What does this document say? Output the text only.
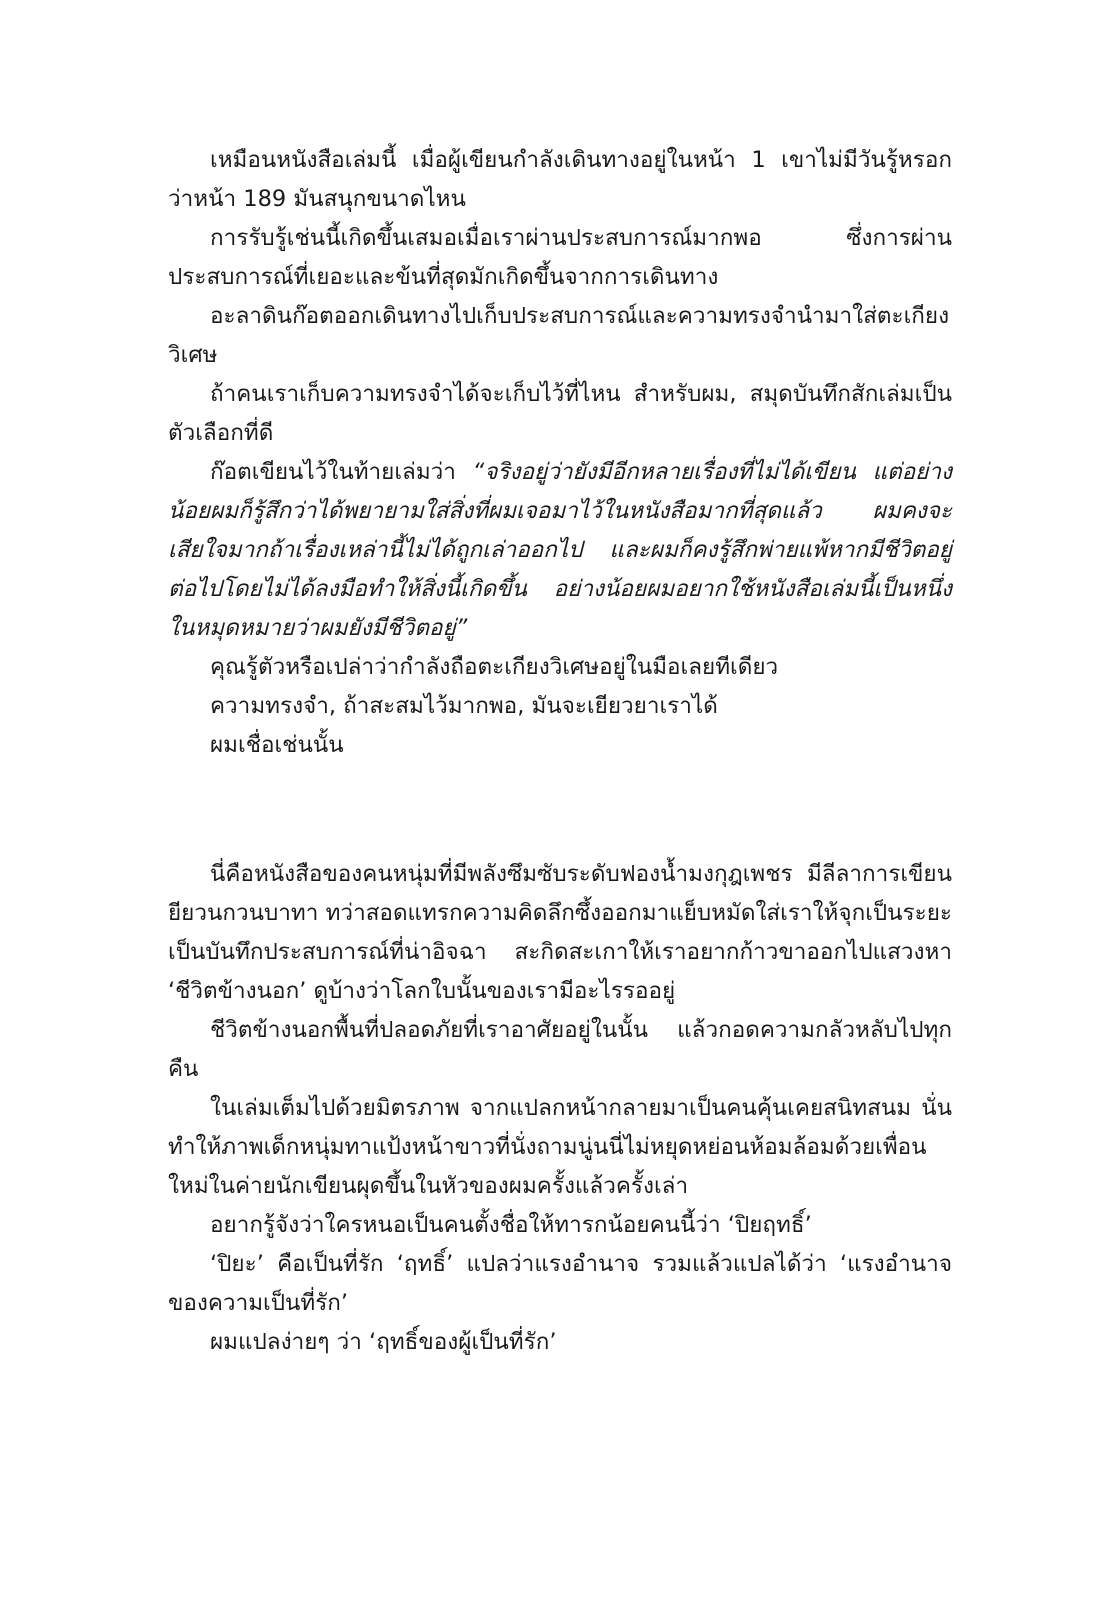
เหมือนหนังสือเล่มนี้ เมื่อผู้เขียนกำลังเดินทางอยู่ในหน้า 1 เขาไม่มีวันรู้หรอกว่าหน้า 189 มันสนุกขนาดไหน

การรับรู้เช่นนี้เกิดขึ้นเสมอเมื่อเราผ่านประสบการณ์มากพอ ซึ่งการผ่านประสบการณ์ที่เยอะและข้นที่สุดมักเกิดขึ้นจากการเดินทาง

อะลาดินก๊อตออกเดินทางไปเก็บประสบการณ์และความทรงจำนำมาใส่ตะเกียงวิเศษ

ถ้าคนเราเก็บความทรงจำได้จะเก็บไว้ที่ไหน สำหรับผม, สมุดบันทึกสักเล่มเป็นตัวเลือกที่ดี

ก๊อตเขียนไว้ในท้ายเล่มว่า “จริงอยู่ว่ายังมีอีกหลายเรื่องที่ไม่ได้เขียน แต่อย่างน้อยผมก็รู้สึกว่าได้พยายามใส่สิ่งที่ผมเจอมาไว้ในหนังสือมากที่สุดแล้ว ผมคงจะเสียใจมากถ้าเรื่องเหล่านี้ไม่ได้ถูกเล่าออกไป และผมก็คงรู้สึกพ่ายแพ้หากมีชีวิตอยู่ต่อไปโดยไม่ได้ลงมือทำให้สิ่งนี้เกิดขึ้น อย่างน้อยผมอยากใช้หนังสือเล่มนี้เป็นหนึ่งในหมุดหมายว่าผมยังมีชีวิตอยู่”

คุณรู้ตัวหรือเปล่าว่ากำลังถือตะเกียงวิเศษอยู่ในมือเลยทีเดียว

ความทรงจำ, ถ้าสะสมไว้มากพอ, มันจะเยียวยาเราได้

ผมเชื่อเช่นนั้น

นี่คือหนังสือของคนหนุ่มที่มีพลังซึมซับระดับฟองน้ำมงกุฎเพชร มีลีลาการเขียนยียวนกวนบาทา ทว่าสอดแทรกความคิดลึกซึ้งออกมาแย็บหมัดใส่เราให้จุกเป็นระยะ เป็นบันทึกประสบการณ์ที่น่าอิจฉา สะกิดสะเกาให้เราอยากก้าวขาออกไปแสวงหา ‘ชีวิตข้างนอก’ ดูบ้างว่าโลกใบนั้นของเรามีอะไรรออยู่

ชีวิตข้างนอกพื้นที่ปลอดภัยที่เราอาศัยอยู่ในนั้น แล้วกอดความกลัวหลับไปทุกคืน

ในเล่มเต็มไปด้วยมิตรภาพ จากแปลกหน้ากลายมาเป็นคนคุ้นเคยสนิทสนม นั่นทำให้ภาพเด็กหนุ่มทาแป้งหน้าขาวที่นั่งถามนู่นนี่ไม่หยุดหย่อนห้อมล้อมด้วยเพื่อนใหม่ในค่ายนักเขียนผุดขึ้นในหัวของผมครั้งแล้วครั้งเล่า

อยากรู้จังว่าใครหนอเป็นคนตั้งชื่อให้ทารกน้อยคนนี้ว่า ‘ปิยฤทธิ์’

‘ปิยะ’ คือเป็นที่รัก ‘ฤทธิ์’ แปลว่าแรงอำนาจ รวมแล้วแปลได้ว่า ‘แรงอำนาจของความเป็นที่รัก’

ผมแปลง่ายๆ ว่า ‘ฤทธิ์ของผู้เป็นที่รัก’
